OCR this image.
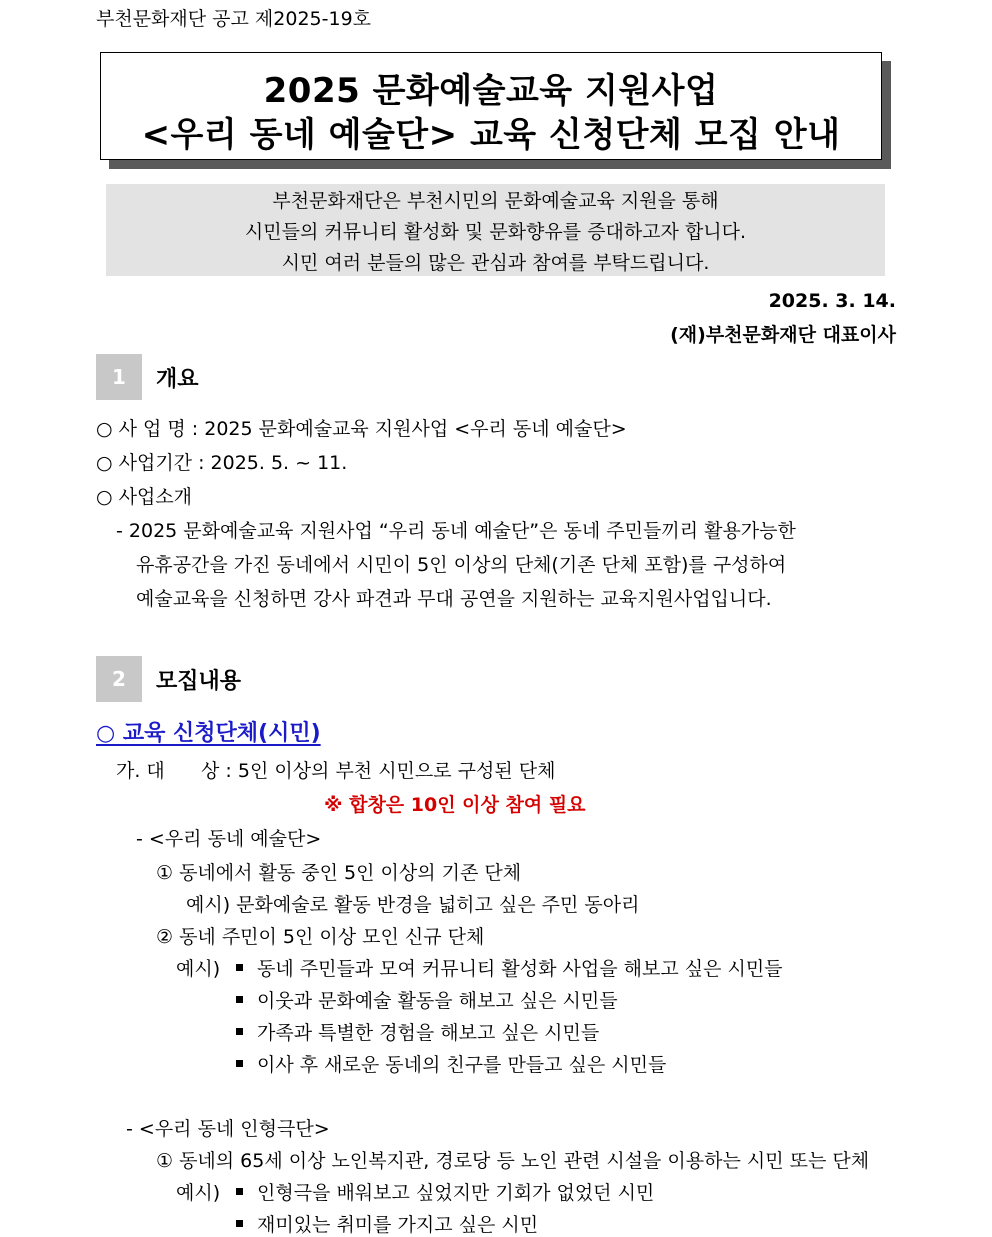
부천문화재단 공고 제2025-19호
2025 문화예술교육 지원사업
<우리 동네 예술단> 교육 신청단체 모집 안내
부천문화재단은 부천시민의 문화예술교육 지원을 통해
시민들의 커뮤니티 활성화 및 문화향유를 증대하고자 합니다.
시민 여러 분들의 많은 관심과 참여를 부탁드립니다.
2025. 3. 14.
(재)부천문화재단 대표이사
1	개요
○ 사 업 명 : 2025 문화예술교육 지원사업 <우리 동네 예술단>
○ 사업기간 : 2025. 5. ~ 11.
○ 사업소개
- 2025 문화예술교육 지원사업 “우리 동네 예술단”은 동네 주민들끼리 활용가능한
유휴공간을 가진 동네에서 시민이 5인 이상의 단체(기존 단체 포함)를 구성하여
예술교육을 신청하면 강사 파견과 무대 공연을 지원하는 교육지원사업입니다.
2	모집내용
○ 교육 신청단체(시민)
가. 대      상 : 5인 이상의 부천 시민으로 구성된 단체
※ 합창은 10인 이상 참여 필요
- <우리 동네 예술단>
① 동네에서 활동 중인 5인 이상의 기존 단체
예시) 문화예술로 활동 반경을 넓히고 싶은 주민 동아리
② 동네 주민이 5인 이상 모인 신규 단체
예시)	동네 주민들과 모여 커뮤니티 활성화 사업을 해보고 싶은 시민들
이웃과 문화예술 활동을 해보고 싶은 시민들
가족과 특별한 경험을 해보고 싶은 시민들
이사 후 새로운 동네의 친구를 만들고 싶은 시민들
- <우리 동네 인형극단>
① 동네의 65세 이상 노인복지관, 경로당 등 노인 관련 시설을 이용하는 시민 또는 단체
예시)	인형극을 배워보고 싶었지만 기회가 없었던 시민
재미있는 취미를 가지고 싶은 시민
